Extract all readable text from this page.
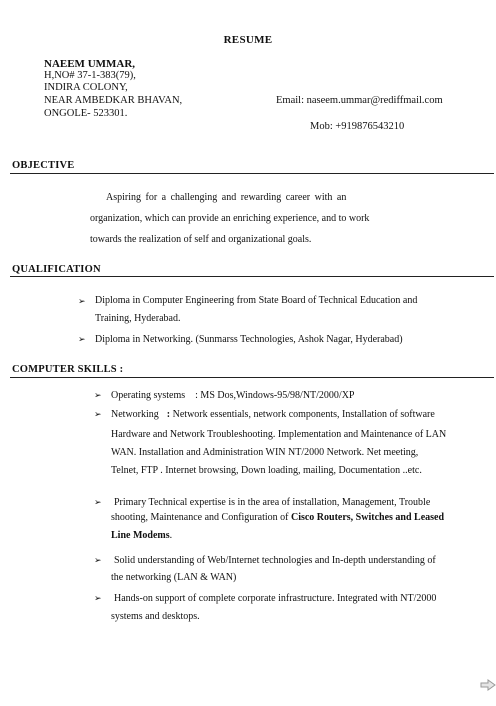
RESUME
NAEEM UMMAR,
H,NO# 37-1-383(79),
INDIRA COLONY,
NEAR AMBEDKAR BHAVAN,
ONGOLE- 523301.
Email: naseem.ummar@rediffmail.com
Mob: +919876543210
OBJECTIVE
Aspiring for a challenging and rewarding career with an
organization, which can provide an enriching experience, and to work
towards the realization of self and organizational goals.
QUALIFICATION
➢ Diploma in Computer Engineering from State Board of Technical Education and
Training, Hyderabad.
➢ Diploma in Networking. (Sunmarss Technologies, Ashok Nagar, Hyderabad)
COMPUTER SKILLS :
➢ Operating systems : MS Dos,Windows-95/98/NT/2000/XP
➢ Networking : Network essentials, network components, Installation of software
Hardware and Network Troubleshooting. Implementation and Maintenance of LAN
WAN. Installation and Administration WIN NT/2000 Network. Net meeting,
Telnet, FTP . Internet browsing, Down loading, mailing, Documentation ..etc.
➢ Primary Technical expertise is in the area of installation, Management, Trouble
shooting, Maintenance and Configuration of Cisco Routers, Switches and Leased
Line Modems.
➢ Solid understanding of Web/Internet technologies and In-depth understanding of
the networking (LAN & WAN)
➢ Hands-on support of complete corporate infrastructure. Integrated with NT/2000
systems and desktops.
